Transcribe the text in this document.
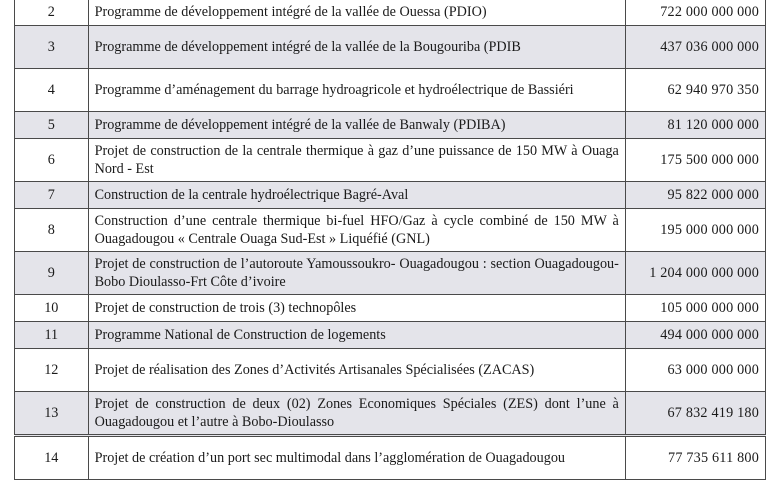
2	Programme de développement intégré de la vallée de Ouessa (PDIO)	722 000 000 000
3	Programme de développement intégré de la vallée de la Bougouriba (PDIB	437 036 000 000
4	Programme d’aménagement du barrage hydroagricole et hydroélectrique de Bassiéri	62 940 970 350
5	Programme de développement intégré de la vallée de Banwaly (PDIBA)	81 120 000 000
6	Projet de construction de la centrale thermique à gaz d’une puissance de 150 MW à Ouaga Nord - Est	175 500 000 000
7	Construction de la centrale hydroélectrique Bagré-Aval	95 822 000 000
8	Construction d’une centrale thermique bi-fuel HFO/Gaz à cycle combiné de 150 MW à Ouagadougou « Centrale Ouaga Sud-Est » Liquéfié (GNL)	195 000 000 000
9	Projet de construction de l’autoroute Yamoussoukro- Ouagadougou : section Ouagadougou-Bobo Dioulasso-Frt Côte d’ivoire	1 204 000 000 000
10	Projet de construction de trois (3) technopôles	105 000 000 000
11	Programme National de Construction de logements	494 000 000 000
12	Projet de réalisation des Zones d’Activités Artisanales Spécialisées (ZACAS)	63 000 000 000
13	Projet de construction de deux (02) Zones Economiques Spéciales (ZES) dont l’une à Ouagadougou et l’autre à Bobo-Dioulasso	67 832 419 180
14	Projet de création d’un port sec multimodal dans l’agglomération de Ouagadougou	77 735 611 800
